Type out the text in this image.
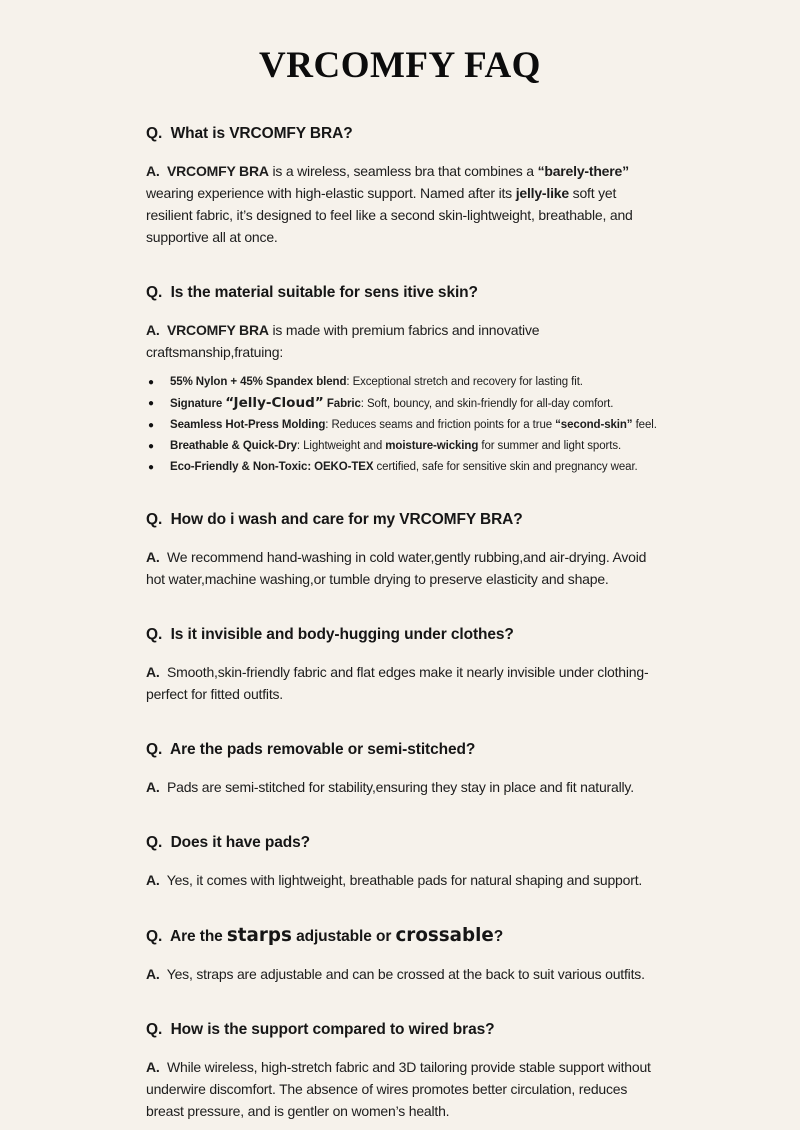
VRCOMFY FAQ
Q.  What is VRCOMFY BRA?

A. VRCOMFY BRA is a wireless, seamless bra that combines a “barely-there” wearing experience with high-elastic support. Named after its jelly-like soft yet resilient fabric, it’s designed to feel like a second skin-lightweight, breathable, and supportive all at once.

Q.  Is the material suitable for sens itive skin?

A. VRCOMFY BRA is made with premium fabrics and innovative craftsmanship,fratuing:

●	55% Nylon + 45% Spandex blend: Exceptional stretch and recovery for lasting fit.
●	Signature “Jelly-Cloud” Fabric: Soft, bouncy, and skin-friendly for all-day comfort.
●	Seamless Hot-Press Molding: Reduces seams and friction points for a true “second-skin” feel.
●	Breathable & Quick-Dry: Lightweight and moisture-wicking for summer and light sports.
●	Eco-Friendly & Non-Toxic: OEKO-TEX certified, safe for sensitive skin and pregnancy wear.
Q.  How do i wash and care for my VRCOMFY BRA?

A.  We recommend hand-washing in cold water,gently rubbing,and air-drying. Avoid hot water,machine washing,or tumble drying to preserve elasticity and shape.

Q.  Is it invisible and body-hugging under clothes?

A.  Smooth,skin-friendly fabric and flat edges make it nearly invisible under clothing-perfect for fitted outfits.

Q.  Are the pads removable or semi-stitched?

A.  Pads are semi-stitched for stability,ensuring they stay in place and fit naturally.

Q.  Does it have pads?

A.  Yes, it comes with lightweight, breathable pads for natural shaping and support.

Q.  Are the starps adjustable or crossable?

A.  Yes, straps are adjustable and can be crossed at the back to suit various outfits.

Q.  How is the support compared to wired bras?

A.  While wireless, high-stretch fabric and 3D tailoring provide stable support without underwire discomfort. The absence of wires promotes better circulation, reduces breast pressure, and is gentler on women’s health.
